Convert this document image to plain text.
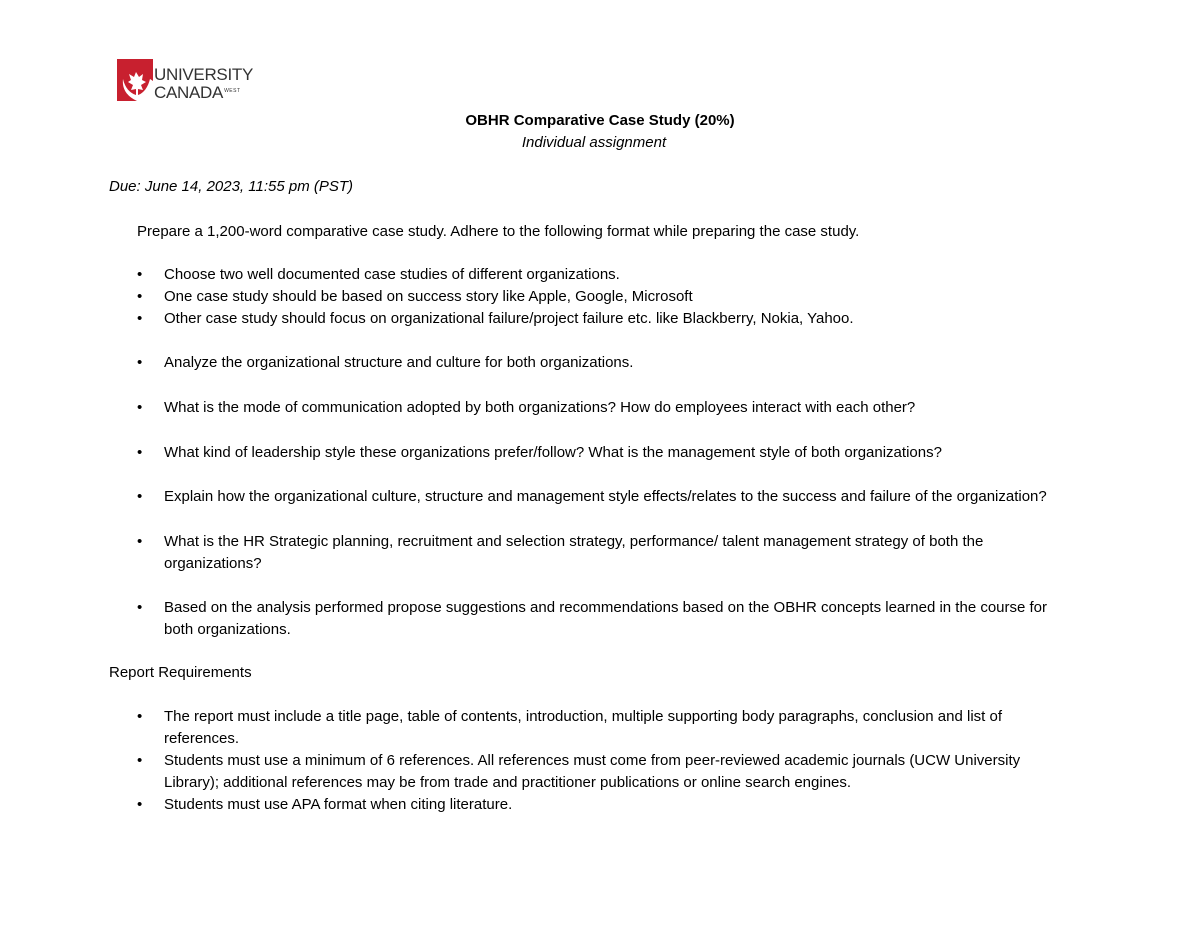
UNIVERSITY
$CANADA^{WEST}$
OBHR Comparative Case Study (20%)
Individual assignment
Due: June 14, 2023, 11:55 pm (PST)
Prepare a 1,200-word comparative case study. Adhere to the following format while preparing the case study.
• Choose two well documented case studies of different organizations.
• One case study should be based on success story like Apple, Google, Microsoft
• Other case study should focus on organizational failure/project failure etc. like Blackberry, Nokia, Yahoo.
• Analyze the organizational structure and culture for both organizations.
• What is the mode of communication adopted by both organizations? How do employees interact with each other?
• What kind of leadership style these organizations prefer/follow? What is the management style of both organizations?
• Explain how the organizational culture, structure and management style effects/relates to the success and failure of the organization?
• What is the HR Strategic planning, recruitment and selection strategy, performance/ talent management strategy of both the organizations?
• Based on the analysis performed propose suggestions and recommendations based on the OBHR concepts learned in the course for both organizations.
Report Requirements
• The report must include a title page, table of contents, introduction, multiple supporting body paragraphs, conclusion and list of references.
• Students must use a minimum of 6 references. All references must come from peer-reviewed academic journals (UCW University Library); additional references may be from trade and practitioner publications or online search engines.
• Students must use APA format when citing literature.
